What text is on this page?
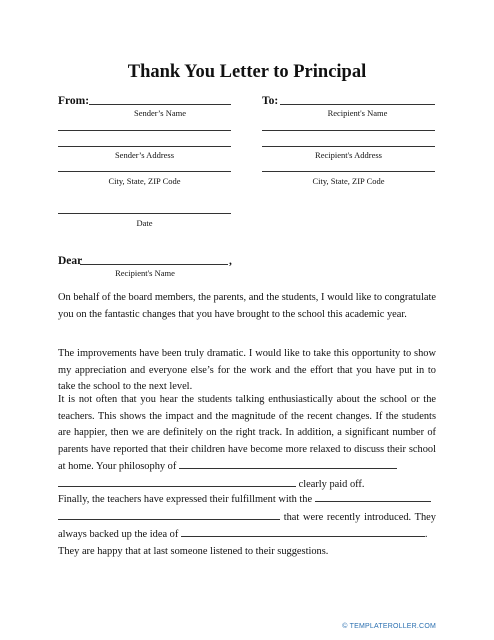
Thank You Letter to Principal
From:
Sender’s Name
To:
Recipient's Name
Sender’s Address	Recipient's Address
City, State, ZIP Code	City, State, ZIP Code
Date
Dear	,
Recipient's Name

On behalf of the board members, the parents, and the students, I would like to congratulate you on the fantastic changes that you have brought to the school this academic year.

The improvements have been truly dramatic. I would like to take this opportunity to show my appreciation and everyone else’s for the work and the effort that you have put in to take the school to the next level.

It is not often that you hear the students talking enthusiastically about the school or the teachers. This shows the impact and the magnitude of the recent changes. If the students are happier, then we are definitely on the right track. In addition, a significant number of parents have reported that their children have become more relaxed to discuss their school at home. Your philosophy of
clearly paid off.

Finally, the teachers have expressed their fulfillment with the
that were recently introduced. They always backed up the idea of	.
They are happy that at last someone listened to their suggestions.

© TEMPLATEROLLER.COM
